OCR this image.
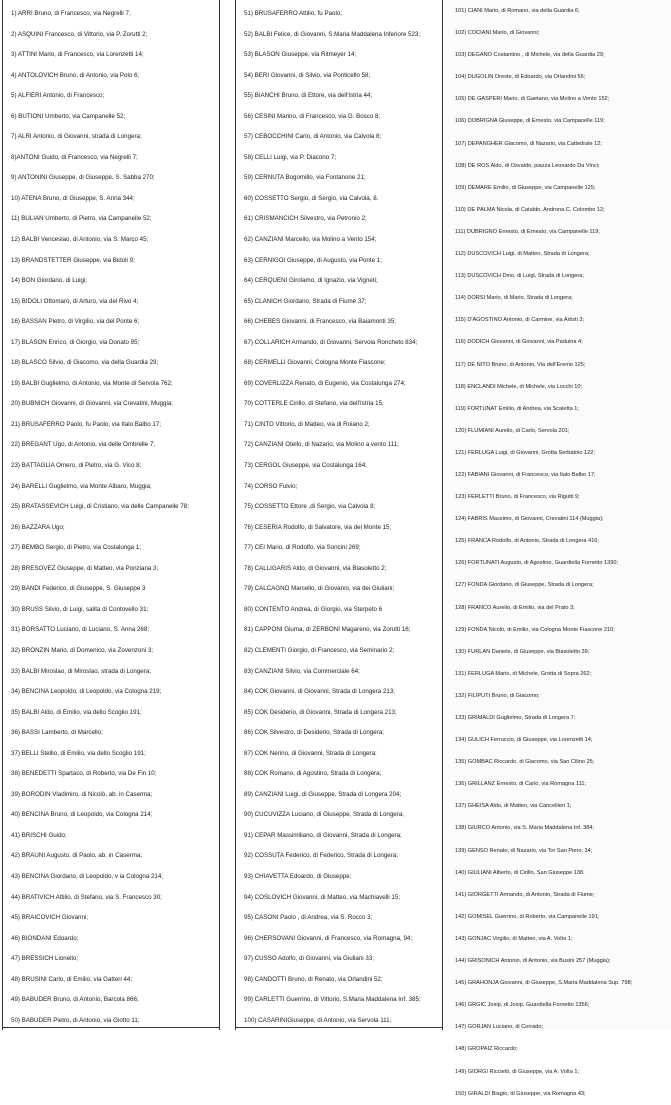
1) ARRI Bruno, di Francesco, via Negrelli 7;
2) ASQUINI Francesco, di Vittorio, via P. Zorutti 2;
3) ATTINI Mario, di Francesco, via Lorenzetti 14;
4) ANTOLOVICH Bruno, di Antonio, via Polo 6;
5) ALFIERI Antonio, di Francesco;
6) BUTIONI Umberto, via Campanelle 52;
7) ALRI Antonio, di Giovanni, strada di Longera;
8)ANTONI Guido, di Francesco, via Negrelli 7;
9) ANTONINI Giuseppe, di Giuseppe, S. Sabba 270;
10) ATENA Bruno, di Giuseppe, S. Anna 344;
11) BULIAN Umberto, di Pietro, via Campanelle 52;
12) BALBI Venceslao, di Antonio, via S. Marco 45;
13) BRANDSTETTER Giuseppe, via Bidoli 9;
14) BON Giordano, di Luigi;
15) BIDOLI Ottomaro, di Arturo, via del Rivo 4;
16) BASSAN Pietro, di Virgilio, via del Ponte 6;
17) BLASON Enrico, di Giorgio, via Donato 95;
18) BLASCO Silvio, di Giacomo, via della Guardia 29;
19) BALBI Guglielmo, di Antonio, via Monte di Servola 762;
20) BUBNICH Giovanni, di Giovanni, via Crevatini, Muggia;
21) BRUSAFERRO Paolo, fu Paolo, via Italo Balbo 17;
22) BREGANT Ugo, di Antonio, via delle Ombrelle 7;
23) BATTAGLIA Omero, di Pietro, via G. Vico 8;
24) BARELLI Guglielmo, via Monte Albaro, Muggia;
25) BRATASSEVICH Luigi, di Cristiano, via delle Campanelle 78;
26) BAZZARA Ugo;
27) BEMBO Sergio, di Pietro, via Costalunga 1;
28) BRESOVEZ Giuseppe, di Matteo, via Ponziana 3;
29) BANDI Federico, di Giuseppe, S. Giuseppe 3
30) BRUSS Silvio, di Luigi, salita di Contovello 31;
31) BORSATTO Luciano, di Luciano, S. Anna 268;
32) BRONZIN Mario, di Domenico, via Zovenzoni 3;
33) BALBI Miroslao, di Miroslao, strada di Longera;
34) BENCINA Leopoldo, di Leopoldo, via Cologna 219;
35) BALBI Aldo, di Emilio, via dello Scoglio 191;
36) BASSI Lamberto, di Marcello;
37) BELLI Stellio, di Emilio, via dello Scoglio 191;
38) BENEDETTI Spartaco, di Roberto, via De Fin 10;
39) BORODIN Vladimiro, di Nicolò, ab. in Caserma;
40) BENCINA Bruno, di Leopoldo, via Cologna 214;
41) BRISCHI Guido;
42) BRAUNI Augusto, di Paolo, ab. in Caserma;
43) BENCINA Giordano, di Leopoldo, v ia Cologna 214;
44) BRATIVICH Attilio, di Stefano, via S. Francesco 30;
45) BRAICOVICH Giovanni;
46) BIONDANI Edoardo;
47) BRESSICH Lionello;
48) BRUSINI Carlo, di Emilio, via Gatteri 44;
49) BABUDER Bruno, di Antonio, Barcola 866;
50) BABUDER Pietro, di Antonio, via Giotto 11;
51) BRUSAFERRO Attilio, fu Paolo;
52) BALBI Felice, di Giovanni, S.Maria Maddalena Inferiore 523;
53) BLASON Giuseppe, via Ritmeyer 14;
54) BERI Giovanni, di Silvio, via Ponticello 58;
55) BIANCHI Bruno, di Ettore, via dell'Istria 44;
56) CESINI Marino, di Francesco, via G. Bosco 8;
57) CEBOCCHINI Carlo, di Antonio, via Calvola 8;
58) CELLI Luigi, via P. Diacono 7;
59) CERNUTA Bogomillo, via Fontanone 21;
60) COSSETTO Sergio, di Sergio, via Calvola, 8.
61) CRISMANCICH Silvestro, via Petronio 2;
62) CANZIANI Marcello, via Molino a Vento 154;
63) CERNIGOI Giuseppe, di Augusto, via Ponte 1;
64) CERQUENI Girolamo, di Ignazio, via Vigneti;
65) CLANICH Giordano, Strada di Fiume 37;
66) CHEBES Giovanni, di Francesco, via Baiamonti 35;
67) COLLARICH Armando, di Giovanni, Servola Roncheto 834;
68) CERMELLI Giovanni, Cologna Monte Fiascone;
69) COVERLIZZA Renato, di Eugenio, via Costalunga 274;
70) COTTERLE Cirillo, di Stefano, via dell'Istria 15;
71) CINTO Vittorio, di Matteo, via di Roiano 2;
72) CANZIANI Otello, di Nazario, via Molino a vento 111;
73) CERGOL Giuseppe, via Costalunga 164;
74) CORSO Fulvio;
75) COSSETTO Ettore ,di Sergio, via Calvola 8;
76) CESERIA Rodolfo, di Salvatore, via del Monte 15;
77) CEI Mario, di Rodolfo, via Soncini 269;
78) CALLIGARIS Aldo, di Giovanni, via Biasoletto 2;
79) CALCAGNO Marcello, di Giovanni, via dei Giuliani;
80) CONTENTO Andrea, di Giorgio, via Sterpeto 6
81) CAPPONI Giuma, di ZERBONI Magareno, via Zorutti 16;
82) CLEMENTI Giorgio, di Francesco, via Seminario 2;
83) CANZIANI Silvio, via Commerciale 64;
84) COK Giovanni, di Giovanni, Strada di Longera 213;
85) COK Desiderio, di Giovanni, Strada di Longera 213;
86) COK Silvestro, di Desiderio, Strada di Longera;
87) COK Nerino, di Giovanni, Strada di Longera;
88) COK Romano, di Agostino, Strada di Longera;
89) CANZIANI Luigi, di Giuseppe, Strada di Longera 204;
90) CUCUVIZZA Luciano, di Giuseppe, Strada di Longera;
91) CEPAR Massimiliano, di Giovanni, Strada di Longera;
92) COSSUTA Federico, di Federico, Strada di Longera;
93) CHIAVETTA Edoardo, di Giuseppe;
94) COSLOVICH Giovanni, di Matteo, via Machiavelli 15;
95) CASONI Paolo , di Andrea, via S. Rocco 3;
96) CHERSOVANI Giovanni, di Francesco, via Romagna, 94;
97) CUSSO Adolfo, di Giovanni, via Giuliani 33;
98) CANDOTTI Bruno, di Renato, via Orlandini 52;
99) CARLETTI Guerrino, di Vittorio, S.Maria Maddalena Inf. 385;
100) CASARINIGiuseppe, di Antonio, via Servola 111;
101) CIANI Mario, di Romano, via della Guardia 6;
102) COCIANI Mario, di Giovanni;
103) DEGANO Costantino , di Michele, via della Guardia 29;
104) DUGOLIN Oreste, di Edoardo, via Orlandini 56;
105) DE GASPERI Mario, di Gaetano, via Molino a Vento 152;
106) DOBRIGNA Giuseppe, di Ernesto, via Campanelle 119;
107) DEPANGHER Giacomo, di Nazario, via Cattedrale 12;
108) DE ROS Aldo, di Osvaldo, piazza Leonardo Da Vinci;
109) DEMARE Emilio, di Giuseppe, via Campanelle 125;
110) DE PALMA Nicola, di Cataldo, Androna C. Colombo 12;
111) DUBRIGNO Ernesto, di Ernesto, via Campanelle 119;
112) DUSCOVICH Luigi, di Matteo, Strada di Longera;
113) DUSCOVICH Dino, di Luigi, Strada di Longera;
114) DORSI Mario, di Mario, Strada di Longera;
115) D'AGOSTINO Antonio, di Carmine, via Artisti 3;
116) DODICH Giovanni, di Giovanni, via Paduina 4;
117) DE NITO Bruno, di Antonio, Via dell'Eremo 125;
118) ENCLANDI Michele, di Michele, via Locchi 10;
119) FORTUNAT Emilio, di Andrea, via Scaletta 1;
120) FLUMIANI Aurelio, di Carlo, Servola 201;
121) FERLUGA Luigi, di Giovanni, Grotta Serbatoio 122;
122) FABIANI Giovanni, di Francesco, via Italo Balbo 17;
123) FERLETTI Bruno, di Francesco, via Rigutti 9;
124) FABRIS Massimo, di Giovanni, Crevatini 114 (Muggia);
125) FRANCA Rodolfo, di Antonio, Strada di Longera 416;
126) FORTUNATI Augusto, di Agostino, Guardiella Fornetto 1390;
127) FONDA Giordano, di Giuseppe, Strada di Longera;
128) FRANCO Aurelio, di Emilio, via del Prato 3;
129) FONDA Nicolò, di Emilio, via Cologna Monte Fiascone 210;
130) FURLAN Daniele, di Giuseppe, via Biasoletto 39;
131) FERLUGA Mario, di Michele, Grotta di Sopra 262;
132) FILIPUTI Bruno, di Giacomo;
133) GRIMALDI Guglielmo, Strada di Longera 7;
134) GULICH Ferruccio, di Giuseppe, via Lorenzetti 14;
135) GOMBAC Riccardo, di Giacomo, via San Cilino 25;
136) GRILLANZ Ernesto, di Carlo, via Romagna 111;
137) GHEISA Aldo, di Matteo, via Cancellieri 1;
138) GIURCO Antonio, via S. Maria Maddalena Inf. 384;
139) GENSO Renato, di Nazario, via Tor San Piero, 34;
140) GIULIANI Alberto, di Cirillo, San Giuseppe 138.
141) GIORGETTI Armando, di Antonio, Strada di Fiume;
142) GOMISEL Guerrino, di Roberto, via Campanelle 191;
143) GONJAC Virgilio, di Matteo, via A. Volta 1;
144) GRISONICH Antonio, di Antonio, via Busini 257 (Muggia);
145) GRAHONJA Giovanni, di Giuseppe, S.Maria Maddalena Sup. 798;
146) GRGIC Josip, di Josip, Guardiella Fornetto 1356;
147) GORJAN Luciano, di Corrado;
148) GROPAIZ Riccardo;
149) GIORGI Riccietti, di Giuseppe, via A. Volta 1;
150) GIRALDI Biagio, di Giuseppe, via Romagna 43;
